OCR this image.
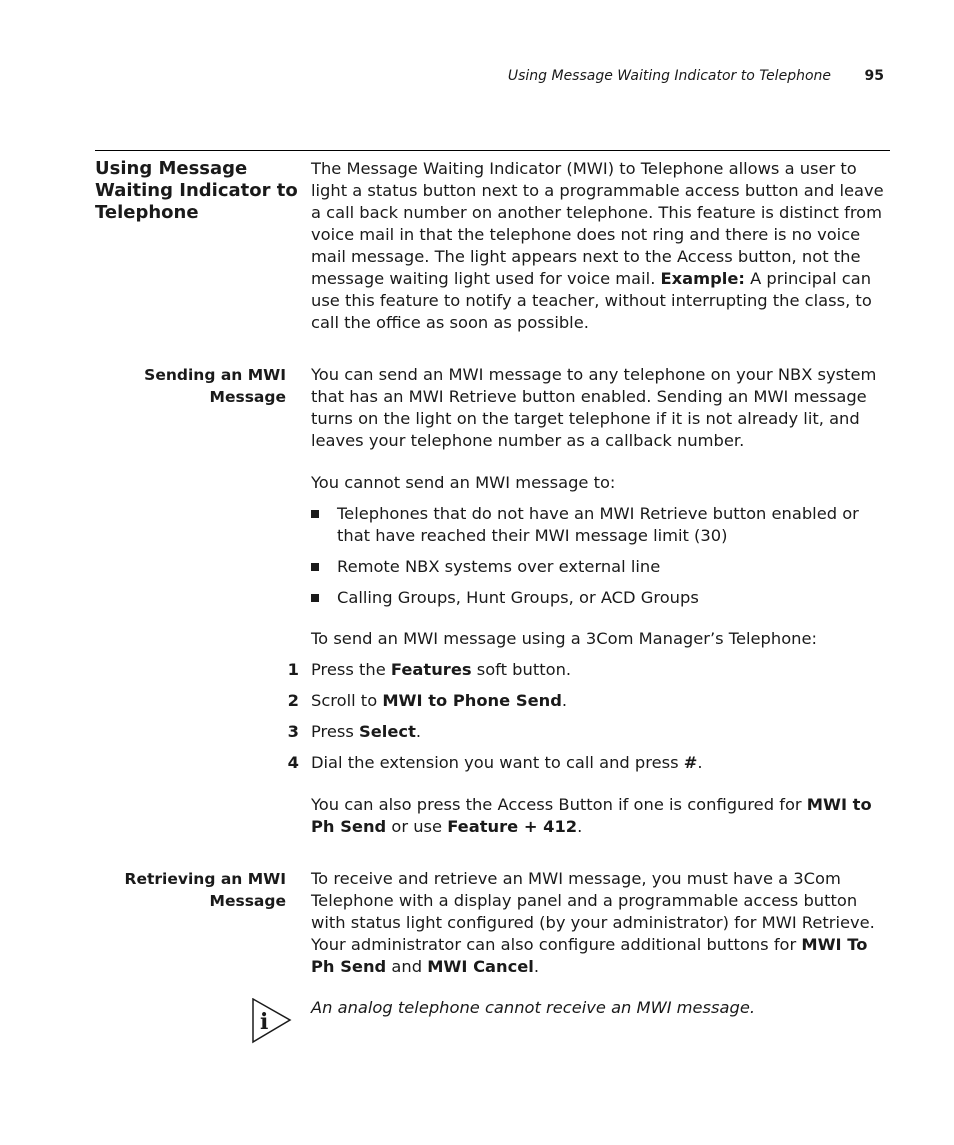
Using Message Waiting Indicator to Telephone	95
Using Message Waiting Indicator to Telephone

The Message Waiting Indicator (MWI) to Telephone allows a user to light a status button next to a programmable access button and leave a call back number on another telephone. This feature is distinct from voice mail in that the telephone does not ring and there is no voice mail message. The light appears next to the Access button, not the message waiting light used for voice mail. Example: A principal can use this feature to notify a teacher, without interrupting the class, to call the office as soon as possible.

Sending an MWI Message
You can send an MWI message to any telephone on your NBX system that has an MWI Retrieve button enabled. Sending an MWI message turns on the light on the target telephone if it is not already lit, and leaves your telephone number as a callback number.
You cannot send an MWI message to:
Telephones that do not have an MWI Retrieve button enabled or that have reached their MWI message limit (30)
Remote NBX systems over external line
Calling Groups, Hunt Groups, or ACD Groups
To send an MWI message using a 3Com Manager’s Telephone:
1 Press the Features soft button.
2 Scroll to MWI to Phone Send.
3 Press Select.
4 Dial the extension you want to call and press #.
You can also press the Access Button if one is configured for MWI to Ph Send or use Feature + 412.
Retrieving an MWI Message
To receive and retrieve an MWI message, you must have a 3Com Telephone with a display panel and a programmable access button with status light configured (by your administrator) for MWI Retrieve. Your administrator can also configure additional buttons for MWI To Ph Send and MWI Cancel.
i
An analog telephone cannot receive an MWI message.
